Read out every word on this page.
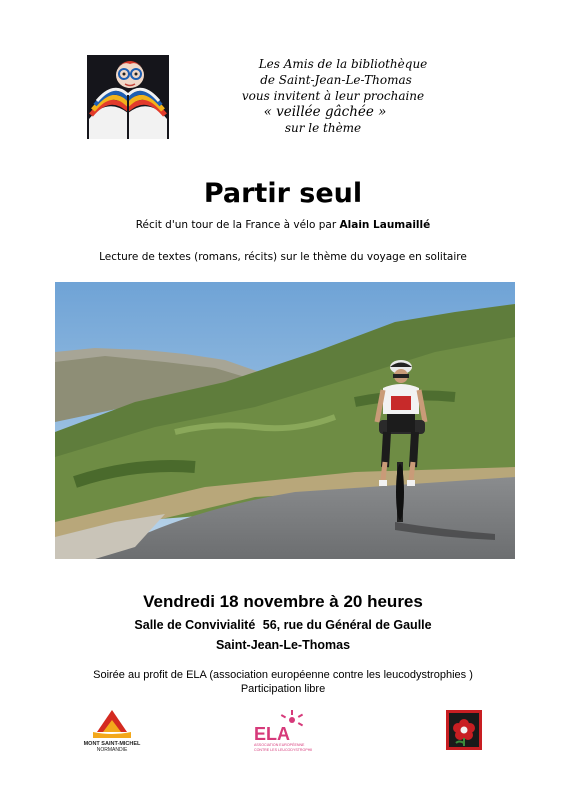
Les Amis de la bibliothèque
de Saint-Jean-Le-Thomas
vous invitent à leur prochaine
« veillée gâchée »
sur le thème
Partir seul
Récit d'un tour de la France à vélo par Alain Laumaillé
Lecture de textes (romans, récits) sur le thème du voyage en solitaire
Vendredi 18 novembre à 20 heures
Salle de Convivialité 56, rue du Général de Gaulle
Saint-Jean-Le-Thomas
Soirée au profit de ELA (association européenne contre les leucodystrophies )
Participation libre
MONT SAINT-MICHEL
NORMANDIE
ELA
ASSOCIATION EUROPÉENNE
CONTRE LES LEUCODYSTROPHIES
